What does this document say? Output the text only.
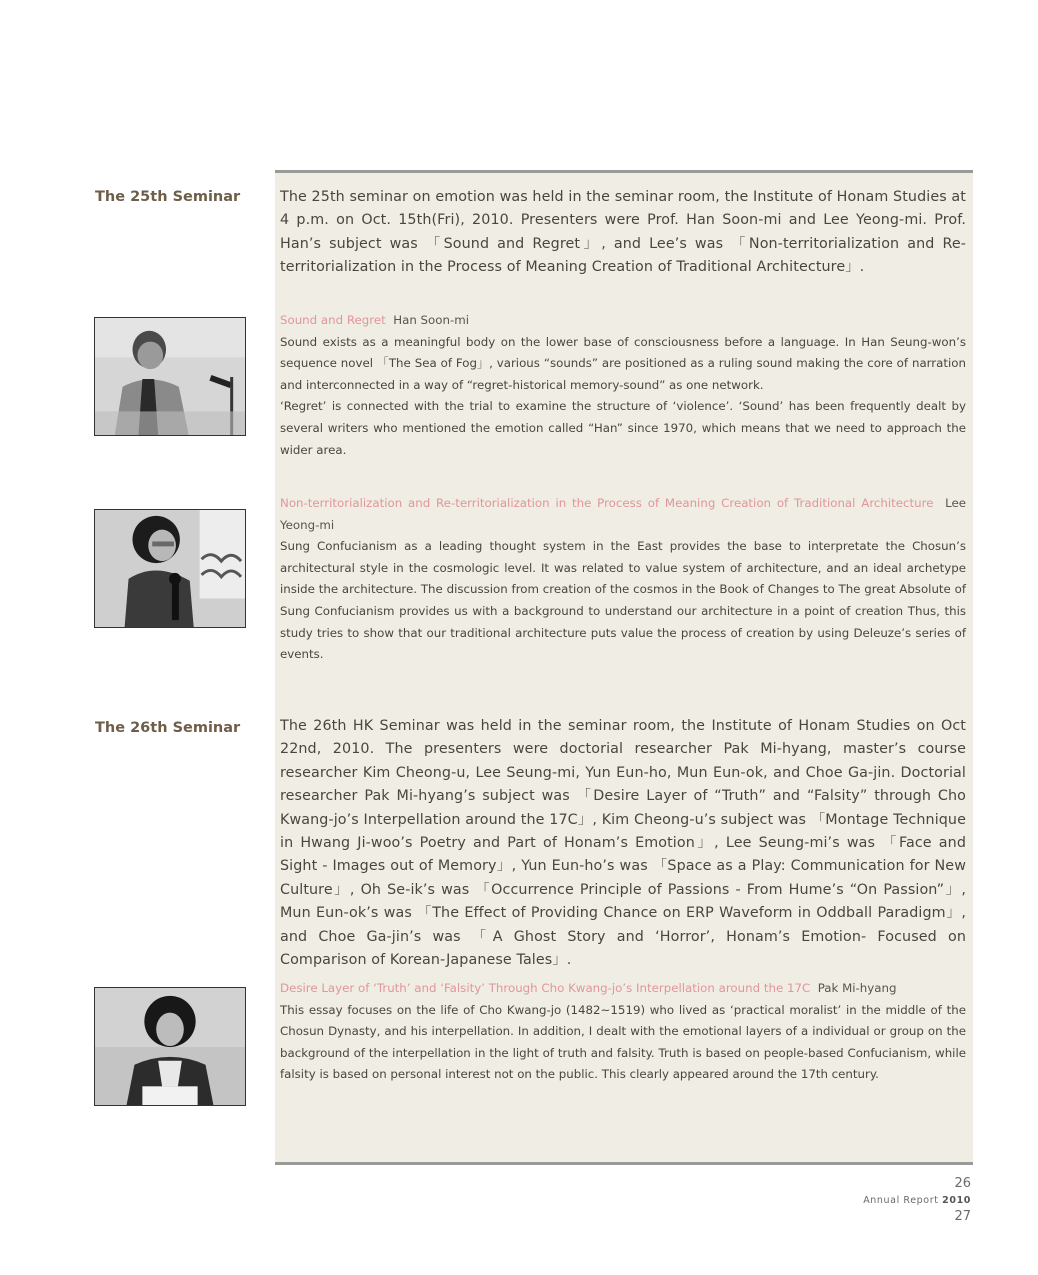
The 25th Seminar	The 25th seminar on emotion was held in the seminar room, the Institute of Honam Studies at 4 p.m. on Oct. 15th(Fri), 2010. Presenters were Prof. Han Soon-mi and Lee Yeong-mi. Prof. Han’s subject was 「Sound and Regret」, and Lee’s was 「Non-territorialization and Re-territorialization in the Process of Meaning Creation of Traditional Architecture」.

Sound and Regret Han Soon-mi

Sound exists as a meaningful body on the lower base of consciousness before a language. In Han Seung-won’s sequence novel 「The Sea of Fog」, various “sounds” are positioned as a ruling sound making the core of narration and interconnected in a way of “regret-historical memory-sound” as one network.

‘Regret’ is connected with the trial to examine the structure of ‘violence’. ‘Sound’ has been frequently dealt by several writers who mentioned the emotion called “Han” since 1970, which means that we need to approach the wider area.

Non-territorialization and Re-territorialization in the Process of Meaning Creation of Traditional Architecture Lee Yeong-mi

Sung Confucianism as a leading thought system in the East provides the base to interpretate the Chosun’s architectural style in the cosmologic level. It was related to value system of architecture, and an ideal archetype inside the architecture. The discussion from creation of the cosmos in the Book of Changes to The great Absolute of Sung Confucianism provides us with a background to understand our architecture in a point of creation Thus, this study tries to show that our traditional architecture puts value the process of creation by using Deleuze’s series of events.

The 26th Seminar	The 26th HK Seminar was held in the seminar room, the Institute of Honam Studies on Oct 22nd, 2010. The presenters were doctorial researcher Pak Mi-hyang, master’s course researcher Kim Cheong-u, Lee Seung-mi, Yun Eun-ho, Mun Eun-ok, and Choe Ga-jin. Doctorial researcher Pak Mi-hyang’s subject was 「Desire Layer of “Truth” and “Falsity” through Cho Kwang-jo’s Interpellation around the 17C」, Kim Cheong-u’s subject was 「Montage Technique in Hwang Ji-woo’s Poetry and Part of Honam’s Emotion」, Lee Seung-mi’s was 「Face and Sight - Images out of Memory」, Yun Eun-ho’s was 「Space as a Play: Communication for New Culture」, Oh Se-ik’s was 「Occurrence Principle of Passions - From Hume’s “On Passion”」, Mun Eun-ok’s was 「The Effect of Providing Chance on ERP Waveform in Oddball Paradigm」, and Choe Ga-jin’s was 「A Ghost Story and ‘Horror’, Honam’s Emotion- Focused on Comparison of Korean-Japanese Tales」.

Desire Layer of ‘Truth’ and ‘Falsity’ Through Cho Kwang-jo’s Interpellation around the 17C Pak Mi-hyang

This essay focuses on the life of Cho Kwang-jo (1482~1519) who lived as ‘practical moralist’ in the middle of the Chosun Dynasty, and his interpellation. In addition, I dealt with the emotional layers of a individual or group on the background of the interpellation in the light of truth and falsity. Truth is based on people-based Confucianism, while falsity is based on personal interest not on the public. This clearly appeared around the 17th century.

26
Annual Report 2010
27
